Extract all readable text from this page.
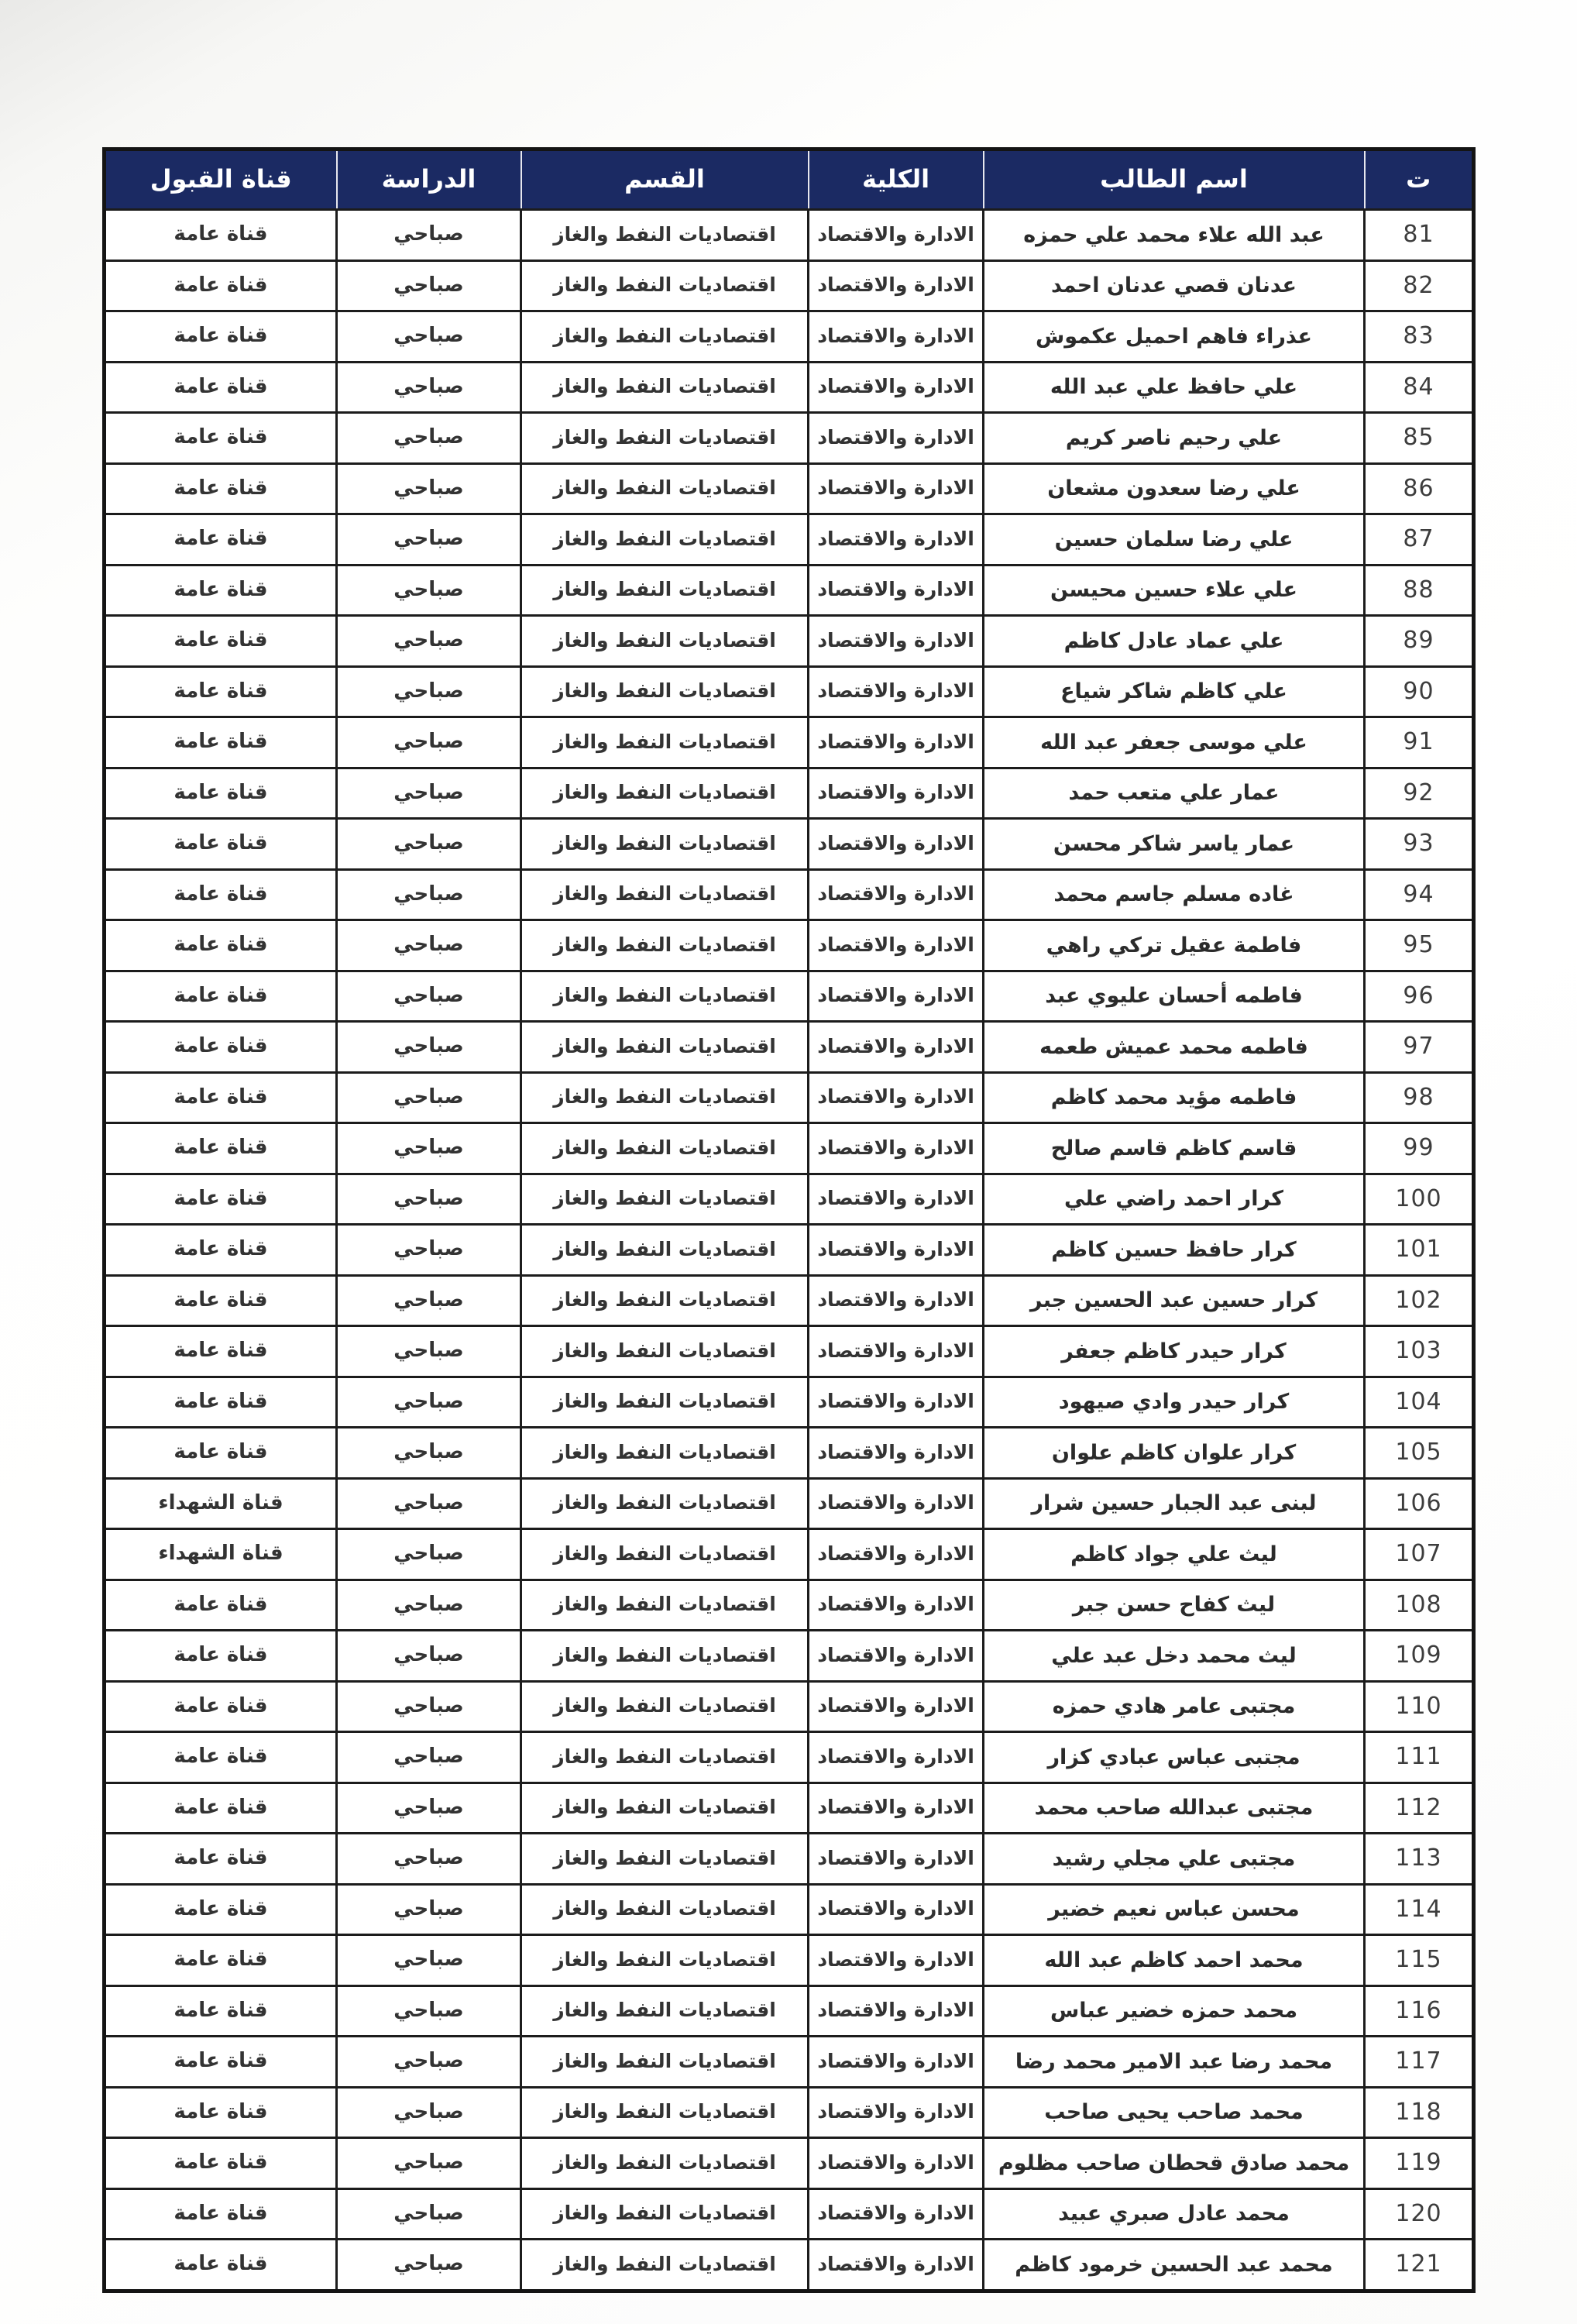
ت	اسم الطالب	الكلية	القسم	الدراسة	قناة القبول
81	عبد الله علاء محمد علي حمزه	الادارة والاقتصاد	اقتصاديات النفط والغاز	صباحي	قناة عامة
82	عدنان قصي عدنان احمد	الادارة والاقتصاد	اقتصاديات النفط والغاز	صباحي	قناة عامة
83	عذراء فاهم احميل عكموش	الادارة والاقتصاد	اقتصاديات النفط والغاز	صباحي	قناة عامة
84	علي حافظ علي عبد الله	الادارة والاقتصاد	اقتصاديات النفط والغاز	صباحي	قناة عامة
85	علي رحيم ناصر كريم	الادارة والاقتصاد	اقتصاديات النفط والغاز	صباحي	قناة عامة
86	علي رضا سعدون مشعان	الادارة والاقتصاد	اقتصاديات النفط والغاز	صباحي	قناة عامة
87	علي رضا سلمان حسين	الادارة والاقتصاد	اقتصاديات النفط والغاز	صباحي	قناة عامة
88	علي علاء حسين محيسن	الادارة والاقتصاد	اقتصاديات النفط والغاز	صباحي	قناة عامة
89	علي عماد عادل كاظم	الادارة والاقتصاد	اقتصاديات النفط والغاز	صباحي	قناة عامة
90	علي كاظم شاكر شياع	الادارة والاقتصاد	اقتصاديات النفط والغاز	صباحي	قناة عامة
91	علي موسى جعفر عبد الله	الادارة والاقتصاد	اقتصاديات النفط والغاز	صباحي	قناة عامة
92	عمار علي متعب حمد	الادارة والاقتصاد	اقتصاديات النفط والغاز	صباحي	قناة عامة
93	عمار ياسر شاكر محسن	الادارة والاقتصاد	اقتصاديات النفط والغاز	صباحي	قناة عامة
94	غاده مسلم جاسم محمد	الادارة والاقتصاد	اقتصاديات النفط والغاز	صباحي	قناة عامة
95	فاطمة عقيل تركي راهي	الادارة والاقتصاد	اقتصاديات النفط والغاز	صباحي	قناة عامة
96	فاطمه أحسان عليوي عبد	الادارة والاقتصاد	اقتصاديات النفط والغاز	صباحي	قناة عامة
97	فاطمه محمد عميش طعمه	الادارة والاقتصاد	اقتصاديات النفط والغاز	صباحي	قناة عامة
98	فاطمه مؤيد محمد كاظم	الادارة والاقتصاد	اقتصاديات النفط والغاز	صباحي	قناة عامة
99	قاسم كاظم قاسم صالح	الادارة والاقتصاد	اقتصاديات النفط والغاز	صباحي	قناة عامة
100	كرار احمد راضي علي	الادارة والاقتصاد	اقتصاديات النفط والغاز	صباحي	قناة عامة
101	كرار حافظ حسين كاظم	الادارة والاقتصاد	اقتصاديات النفط والغاز	صباحي	قناة عامة
102	كرار حسين عبد الحسين جبر	الادارة والاقتصاد	اقتصاديات النفط والغاز	صباحي	قناة عامة
103	كرار حيدر كاظم جعفر	الادارة والاقتصاد	اقتصاديات النفط والغاز	صباحي	قناة عامة
104	كرار حيدر وادي صيهود	الادارة والاقتصاد	اقتصاديات النفط والغاز	صباحي	قناة عامة
105	كرار علوان كاظم علوان	الادارة والاقتصاد	اقتصاديات النفط والغاز	صباحي	قناة عامة
106	لبنى عبد الجبار حسين شرار	الادارة والاقتصاد	اقتصاديات النفط والغاز	صباحي	قناة الشهداء
107	ليث علي جواد كاظم	الادارة والاقتصاد	اقتصاديات النفط والغاز	صباحي	قناة الشهداء
108	ليث كفاح حسن جبر	الادارة والاقتصاد	اقتصاديات النفط والغاز	صباحي	قناة عامة
109	ليث محمد دخل عبد علي	الادارة والاقتصاد	اقتصاديات النفط والغاز	صباحي	قناة عامة
110	مجتبى عامر هادي حمزه	الادارة والاقتصاد	اقتصاديات النفط والغاز	صباحي	قناة عامة
111	مجتبى عباس عبادي كزار	الادارة والاقتصاد	اقتصاديات النفط والغاز	صباحي	قناة عامة
112	مجتبى عبدالله صاحب محمد	الادارة والاقتصاد	اقتصاديات النفط والغاز	صباحي	قناة عامة
113	مجتبى علي مجلي رشيد	الادارة والاقتصاد	اقتصاديات النفط والغاز	صباحي	قناة عامة
114	محسن عباس نعيم خضير	الادارة والاقتصاد	اقتصاديات النفط والغاز	صباحي	قناة عامة
115	محمد احمد كاظم عبد الله	الادارة والاقتصاد	اقتصاديات النفط والغاز	صباحي	قناة عامة
116	محمد حمزه خضير عباس	الادارة والاقتصاد	اقتصاديات النفط والغاز	صباحي	قناة عامة
117	محمد رضا عبد الامير محمد رضا	الادارة والاقتصاد	اقتصاديات النفط والغاز	صباحي	قناة عامة
118	محمد صاحب يحيى صاحب	الادارة والاقتصاد	اقتصاديات النفط والغاز	صباحي	قناة عامة
119	محمد صادق قحطان صاحب مظلوم	الادارة والاقتصاد	اقتصاديات النفط والغاز	صباحي	قناة عامة
120	محمد عادل صبري عبيد	الادارة والاقتصاد	اقتصاديات النفط والغاز	صباحي	قناة عامة
121	محمد عبد الحسين خرمود كاظم	الادارة والاقتصاد	اقتصاديات النفط والغاز	صباحي	قناة عامة
